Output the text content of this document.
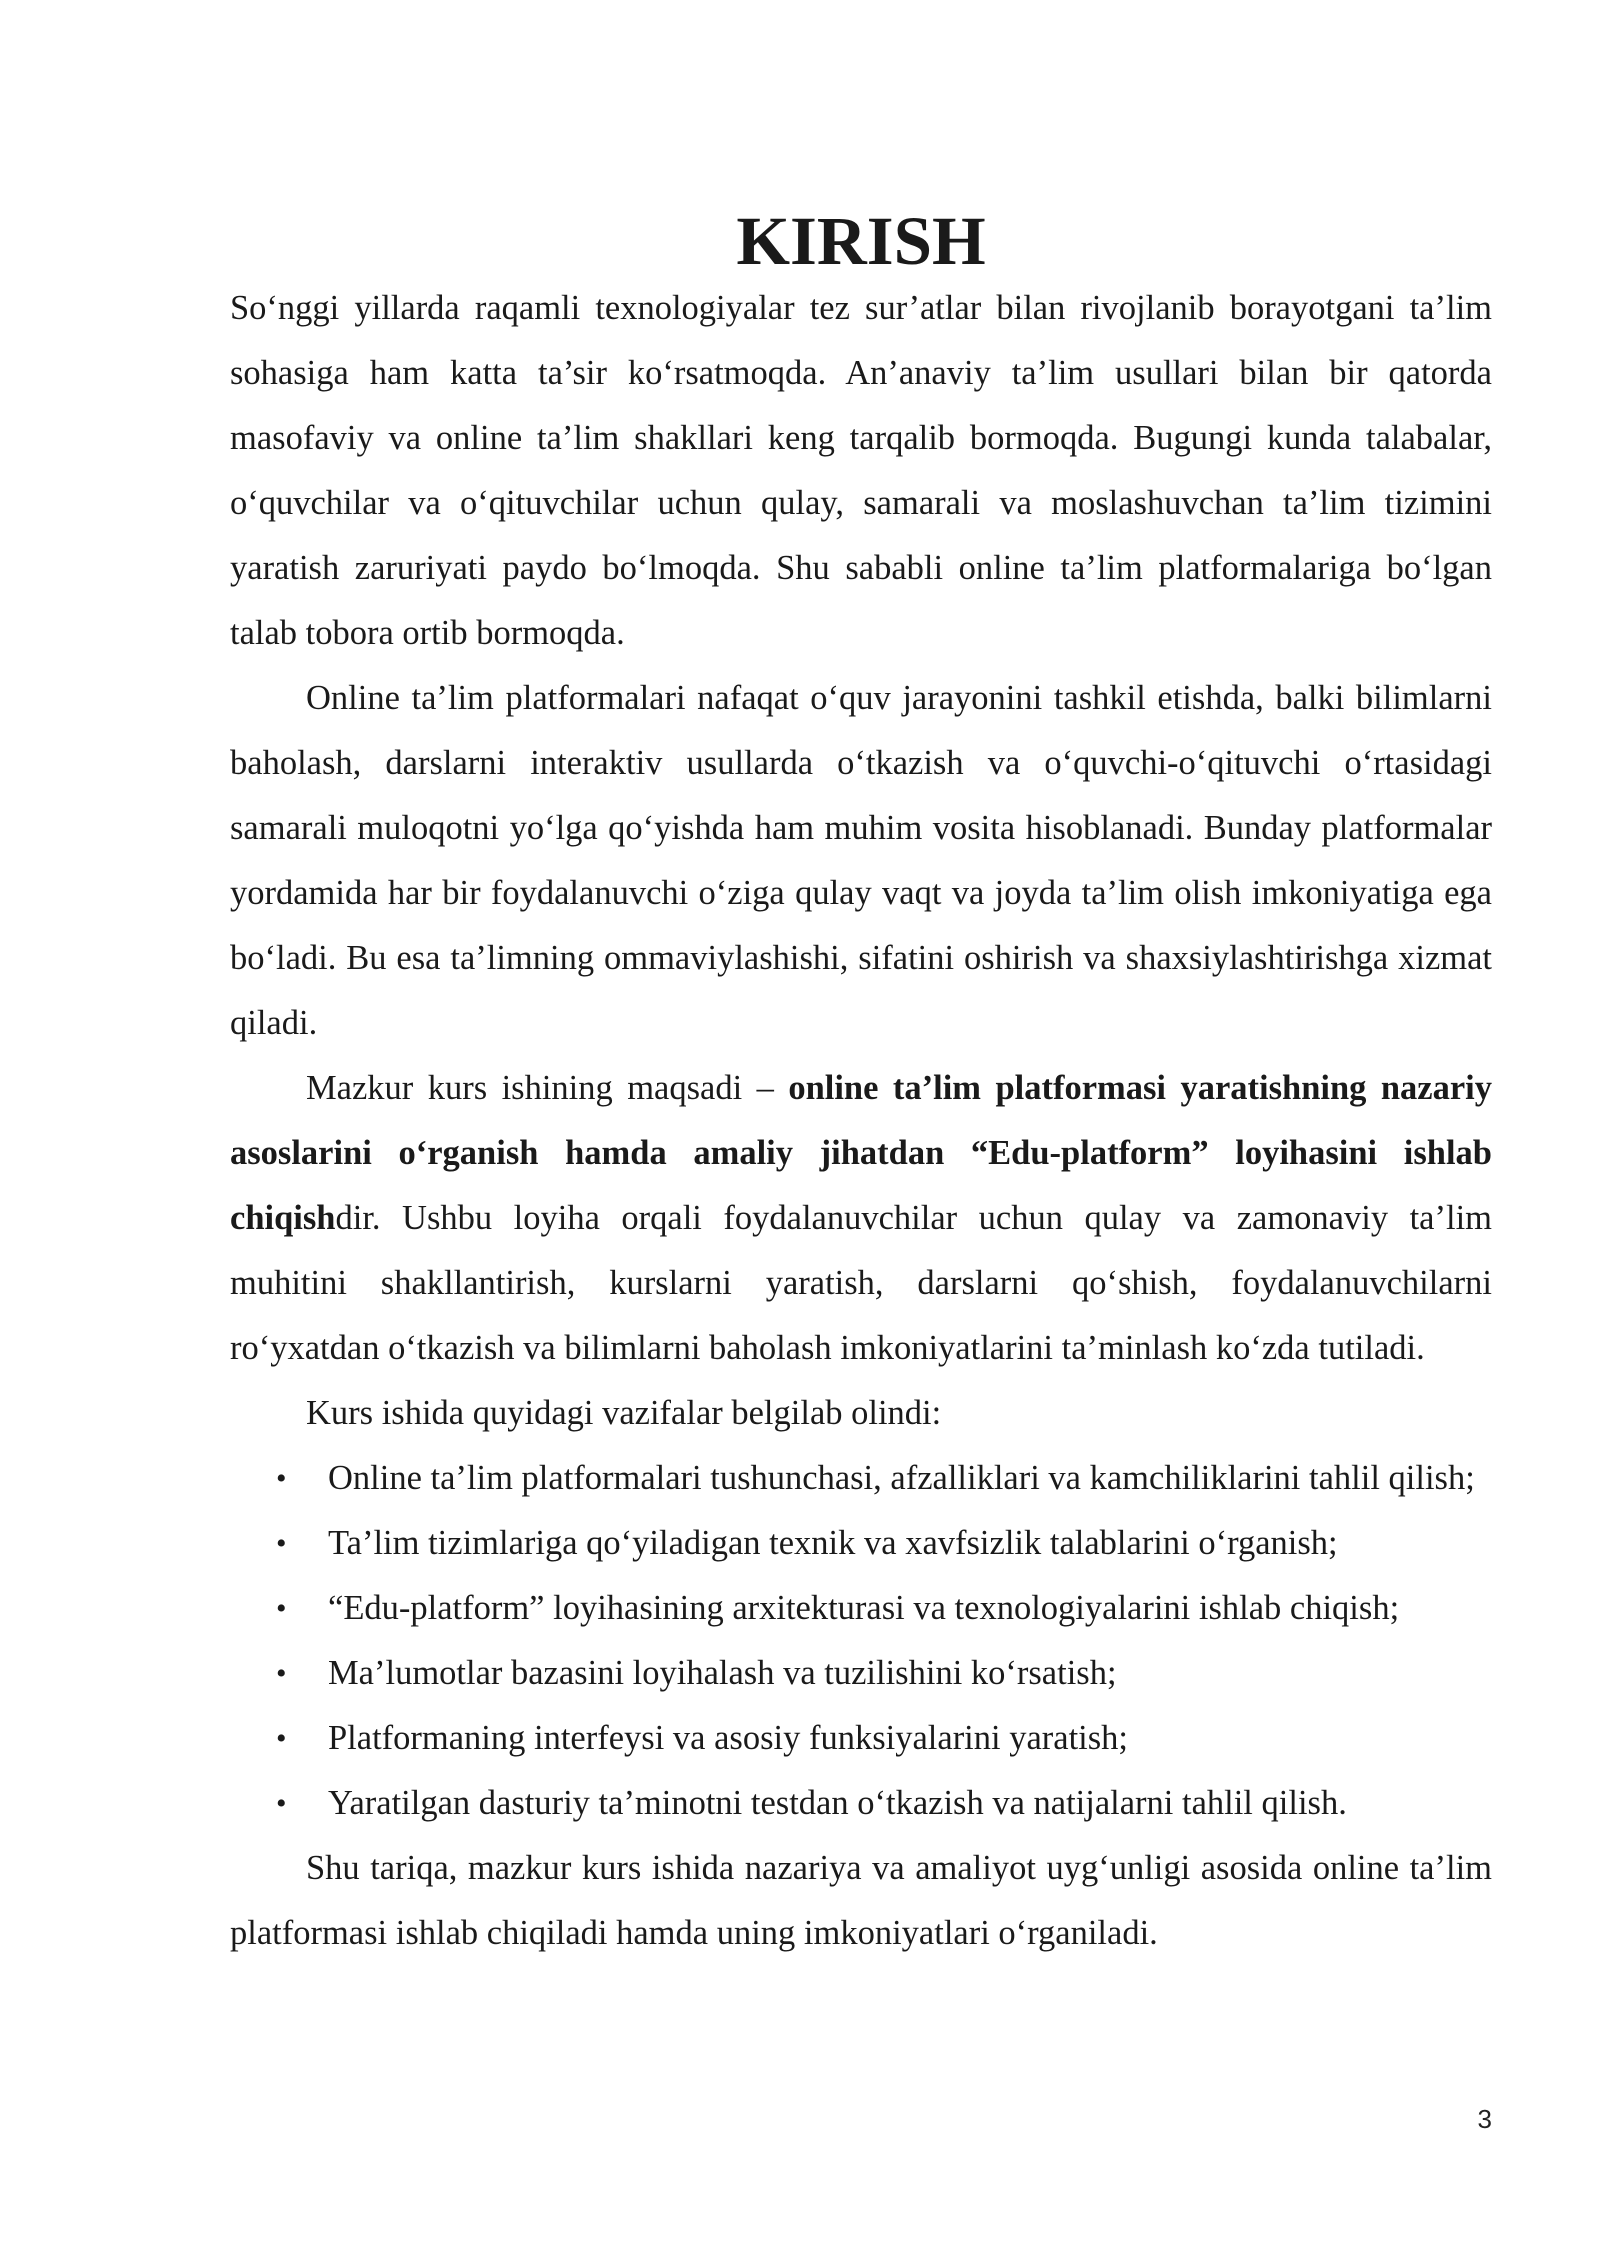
KIRISH

So‘nggi yillarda raqamli texnologiyalar tez sur’atlar bilan rivojlanib borayotgani ta’lim sohasiga ham katta ta’sir ko‘rsatmoqda. An’anaviy ta’lim usullari bilan bir qatorda masofaviy va online ta’lim shakllari keng tarqalib bormoqda. Bugungi kunda talabalar, o‘quvchilar va o‘qituvchilar uchun qulay, samarali va moslashuvchan ta’lim tizimini yaratish zaruriyati paydo bo‘lmoqda. Shu sababli online ta’lim platformalariga bo‘lgan talab tobora ortib bormoqda.

Online ta’lim platformalari nafaqat o‘quv jarayonini tashkil etishda, balki bilimlarni baholash, darslarni interaktiv usullarda o‘tkazish va o‘quvchi-o‘qituvchi o‘rtasidagi samarali muloqotni yo‘lga qo‘yishda ham muhim vosita hisoblanadi. Bunday platformalar yordamida har bir foydalanuvchi o‘ziga qulay vaqt va joyda ta’lim olish imkoniyatiga ega bo‘ladi. Bu esa ta’limning ommaviylashishi, sifatini oshirish va shaxsiylashtirishga xizmat qiladi.

Mazkur kurs ishining maqsadi – online ta’lim platformasi yaratishning nazariy asoslarini o‘rganish hamda amaliy jihatdan “Edu-platform” loyihasini ishlab chiqishdir. Ushbu loyiha orqali foydalanuvchilar uchun qulay va zamonaviy ta’lim muhitini shakllantirish, kurslarni yaratish, darslarni qo‘shish, foydalanuvchilarni ro‘yxatdan o‘tkazish va bilimlarni baholash imkoniyatlarini ta’minlash ko‘zda tutiladi.

Kurs ishida quyidagi vazifalar belgilab olindi:

• Online ta’lim platformalari tushunchasi, afzalliklari va kamchiliklarini tahlil qilish;
• Ta’lim tizimlariga qo‘yiladigan texnik va xavfsizlik talablarini o‘rganish;
• “Edu-platform” loyihasining arxitekturasi va texnologiyalarini ishlab chiqish;
• Ma’lumotlar bazasini loyihalash va tuzilishini ko‘rsatish;
• Platformaning interfeysi va asosiy funksiyalarini yaratish;
• Yaratilgan dasturiy ta’minotni testdan o‘tkazish va natijalarni tahlil qilish.

Shu tariqa, mazkur kurs ishida nazariya va amaliyot uyg‘unligi asosida online ta’lim platformasi ishlab chiqiladi hamda uning imkoniyatlari o‘rganiladi.

3
